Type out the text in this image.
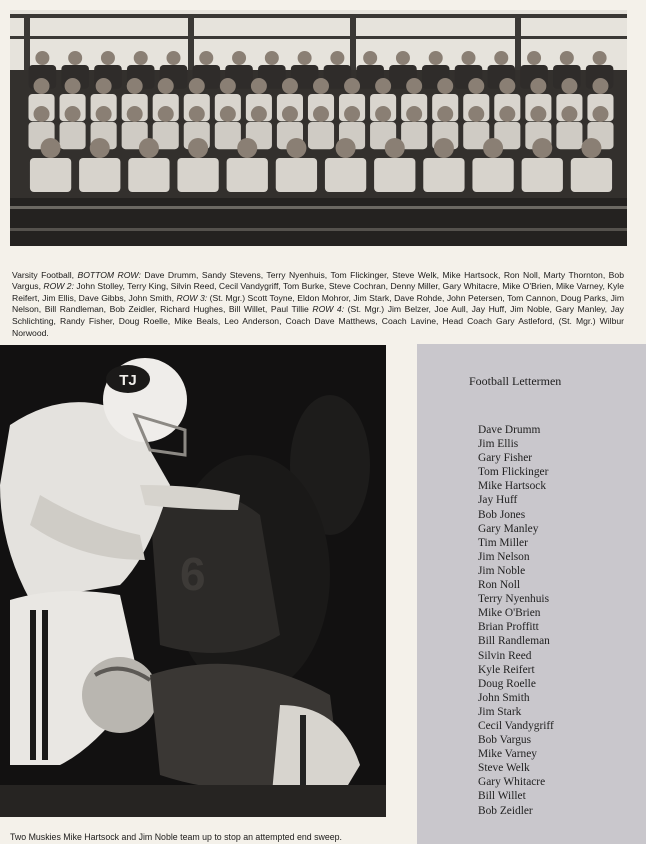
Varsity Football, BOTTOM ROW: Dave Drumm, Sandy Stevens, Terry Nyenhuis, Tom Flickinger, Steve Welk, Mike Hartsock, Ron Noll, Marty Thornton, Bob Vargus, ROW 2: John Stolley, Terry King, Silvin Reed, Cecil Vandygriff, Tom Burke, Steve Cochran, Denny Miller, Gary Whitacre, Mike O'Brien, Mike Varney, Kyle Reifert, Jim Ellis, Dave Gibbs, John Smith, ROW 3: (St. Mgr.) Scott Toyne, Eldon Mohror, Jim Stark, Dave Rohde, John Petersen, Tom Cannon, Doug Parks, Jim Nelson, Bill Randleman, Bob Zeidler, Richard Hughes, Bill Willet, Paul Tillie ROW 4: (St. Mgr.) Jim Belzer, Joe Aull, Jay Huff, Jim Noble, Gary Manley, Jay Schlichting, Randy Fisher, Doug Roelle, Mike Beals, Leo Anderson, Coach Dave Matthews, Coach Lavine, Head Coach Gary Astleford, (St. Mgr.) Wilbur Norwood.

6
TJ

Two Muskies Mike Hartsock and Jim Noble team up to stop an attempted end sweep.

Football Lettermen
Dave Drumm
Jim Ellis
Gary Fisher
Tom Flickinger
Mike Hartsock
Jay Huff
Bob Jones
Gary Manley
Tim Miller
Jim Nelson
Jim Noble
Ron Noll
Terry Nyenhuis
Mike O'Brien
Brian Proffitt
Bill Randleman
Silvin Reed
Kyle Reifert
Doug Roelle
John Smith
Jim Stark
Cecil Vandygriff
Bob Vargus
Mike Varney
Steve Welk
Gary Whitacre
Bill Willet
Bob Zeidler
